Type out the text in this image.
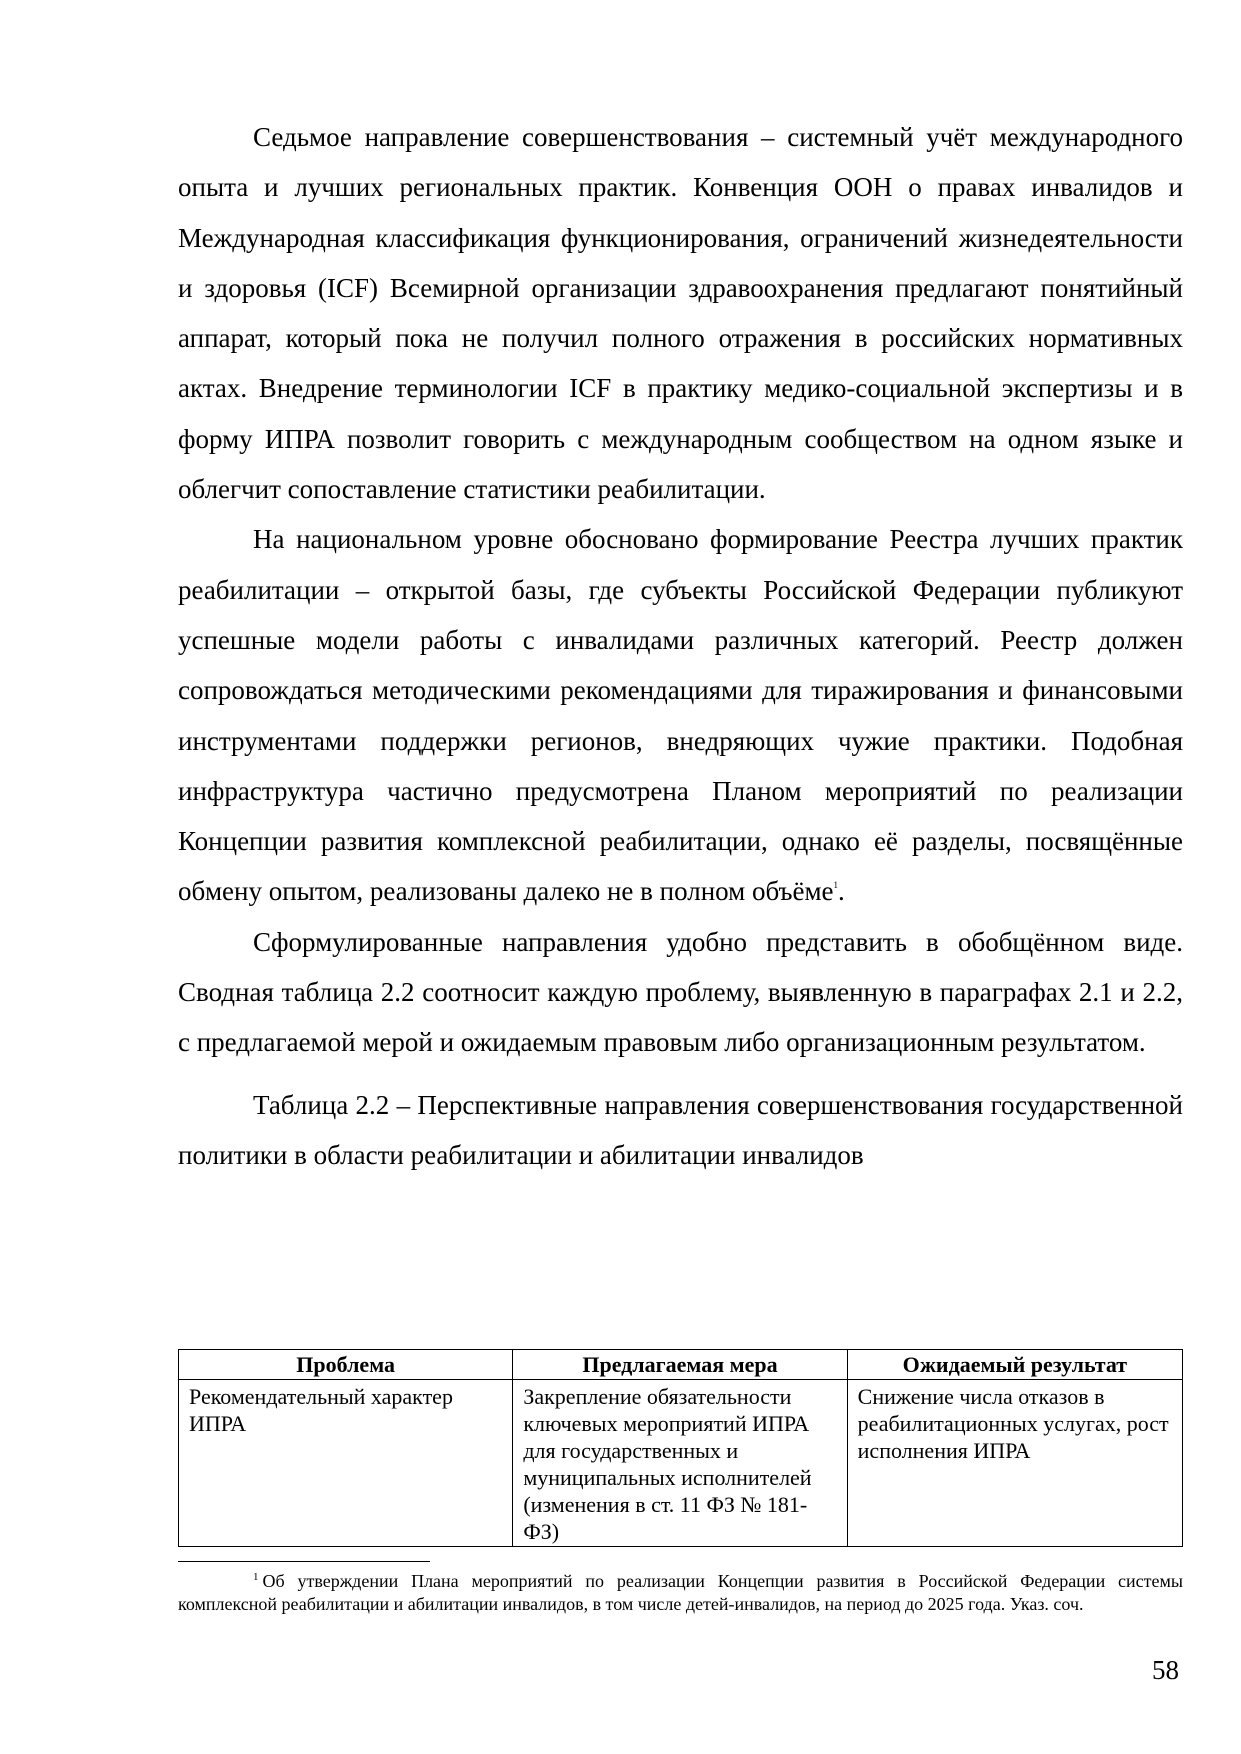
Седьмое направление совершенствования – системный учёт международного опыта и лучших региональных практик. Конвенция ООН о правах инвалидов и Международная классификация функционирования, ограничений жизнедеятельности и здоровья (ICF) Всемирной организации здравоохранения предлагают понятийный аппарат, который пока не получил полного отражения в российских нормативных актах. Внедрение терминологии ICF в практику медико-социальной экспертизы и в форму ИПРА позволит говорить с международным сообществом на одном языке и облегчит сопоставление статистики реабилитации.

На национальном уровне обосновано формирование Реестра лучших практик реабилитации – открытой базы, где субъекты Российской Федерации публикуют успешные модели работы с инвалидами различных категорий. Реестр должен сопровождаться методическими рекомендациями для тиражирования и финансовыми инструментами поддержки регионов, внедряющих чужие практики. Подобная инфраструктура частично предусмотрена Планом мероприятий по реализации Концепции развития комплексной реабилитации, однако её разделы, посвящённые обмену опытом, реализованы далеко не в полном объёме$^1$.

Сформулированные направления удобно представить в обобщённом виде. Сводная таблица 2.2 соотносит каждую проблему, выявленную в параграфах 2.1 и 2.2, с предлагаемой мерой и ожидаемым правовым либо организационным результатом.

Таблица 2.2 – Перспективные направления совершенствования государственной политики в области реабилитации и абилитации инвалидов

Проблема	Предлагаемая мера	Ожидаемый результат
Рекомендательный характер ИПРА	Закрепление обязательности ключевых мероприятий ИПРА для государственных и муниципальных исполнителей (изменения в ст. 11 ФЗ № 181-ФЗ)	Снижение числа отказов в реабилитационных услугах, рост исполнения ИПРА

$^1$ Об утверждении Плана мероприятий по реализации Концепции развития в Российской Федерации системы комплексной реабилитации и абилитации инвалидов, в том числе детей-инвалидов, на период до 2025 года. Указ. соч.

58
